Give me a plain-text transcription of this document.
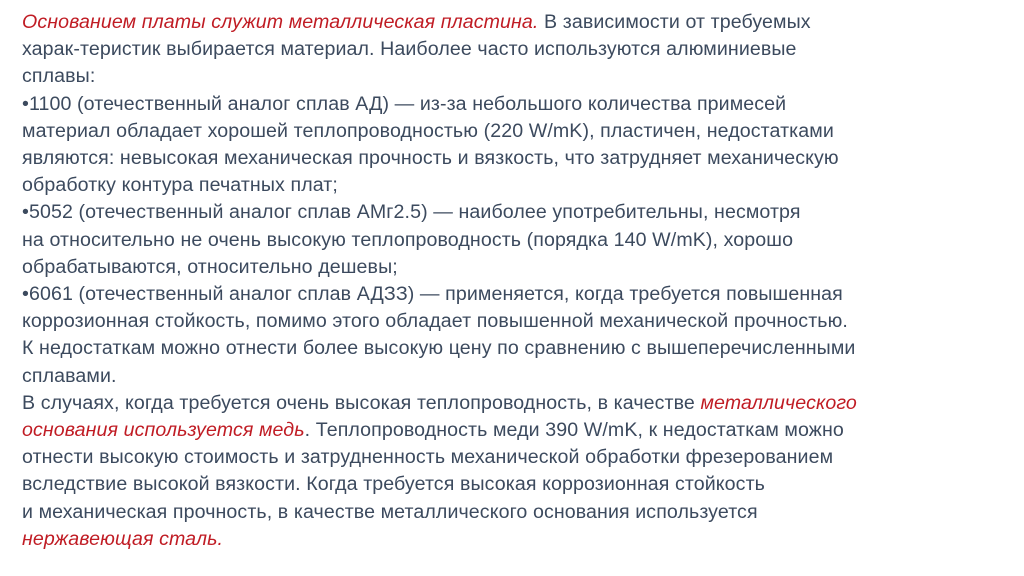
Основанием платы служит металлическая пластина. В зависимости от требуемых
харак-теристик выбирается материал. Наиболее часто используются алюминиевые
сплавы:
•1100 (отечественный аналог сплав АД) — из-за небольшого количества примесей
материал обладает хорошей теплопроводностью (220 W/mK), пластичен, недостатками
являются: невысокая механическая прочность и вязкость, что затрудняет механическую
обработку контура печатных плат;
•5052 (отечественный аналог сплав АМг2.5) — наиболее употребительны, несмотря
на относительно не очень высокую теплопроводность (порядка 140 W/mK), хорошо
обрабатываются, относительно дешевы;
•6061 (отечественный аналог сплав АДЗЗ) — применяется, когда требуется повышенная
коррозионная стойкость, помимо этого обладает повышенной механической прочностью.
К недостаткам можно отнести более высокую цену по сравнению с вышеперечисленными
сплавами.
В случаях, когда требуется очень высокая теплопроводность, в качестве металлического
основания используется медь. Теплопроводность меди 390 W/mK, к недостаткам можно
отнести высокую стоимость и затрудненность механической обработки фрезерованием
вследствие высокой вязкости. Когда требуется высокая коррозионная стойкость
и механическая прочность, в качестве металлического основания используется
нержавеющая сталь.
